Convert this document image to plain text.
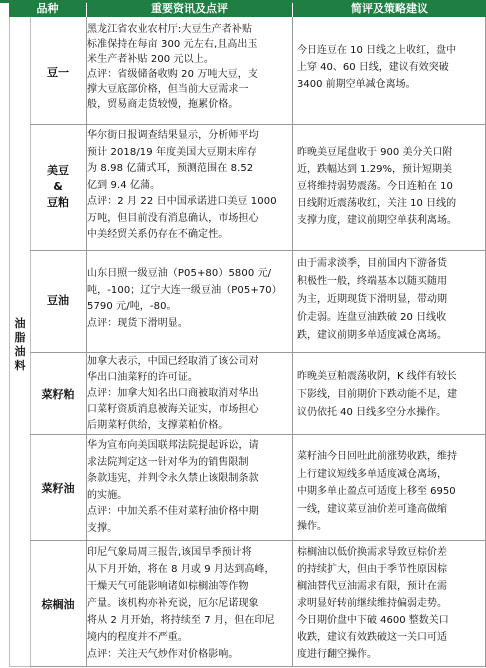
品种	重要资讯及点评	简评及策略建议
油
脂
油
料
豆一
黑龙江省农业农村厅:大豆生产者补贴
标准保持在每亩 300 元左右,且高出玉
米生产者补贴 200 元以上。
点评：省级储备收购 20 万吨大豆，支
撑大豆底部价格，但当前大豆需求一
般，贸易商走货较慢，拖累价格。
今日连豆在 10 日线之上收红，盘中
上穿 40、60 日线，建议有效突破
3400 前期空单减仓离场。
美豆
&
豆粕
华尔街日报调查结果显示，分析师平均
预计 2018/19 年度美国大豆期末库存
为 8.98 亿蒲式耳，预测范围在 8.52
亿到 9.4 亿蒲。
点评：2 月 22 日中国承诺进口美豆 1000
万吨，但目前没有消息确认，市场担心
中美经贸关系仍存在不确定性。
昨晚美豆尾盘收于 900 美分关口附
近，跌幅达到 1.29%，预计短期美
豆将维持弱势震荡。今日连粕在 10
日线附近震荡收红，关注 10 日线的
支撑力度，建议前期空单获利离场。
豆油
山东日照一级豆油（P05+80）5800 元/
吨，-100；辽宁大连一级豆油（P05+70）
5790 元/吨，-80。
点评：现货下滑明显。
由于需求淡季，目前国内下游备货
积极性一般，终端基本以随买随用
为主，近期现货下滑明显，带动期
价走弱。连盘豆油跌破 20 日线收
跌，建议前期多单适度减仓离场。
菜籽粕
加拿大表示，中国已经取消了该公司对
华出口油菜籽的许可证。
点评：加拿大知名出口商被取消对华出
口菜籽资质消息被海关证实，市场担心
后期菜籽供给，支撑菜粕价格。
昨晚美豆粕震荡收阴，K 线伴有较长
下影线，目前期价下跌动能不足，建
议仍依托 40 日线多空分水操作。
菜籽油
华为宣布向美国联邦法院提起诉讼，请
求法院判定这一针对华为的销售限制
条款违宪，并判令永久禁止该限制条款
的实施。
点评：中加关系不佳对菜籽油价格中期
支撑。
菜籽油今日回吐此前涨势收跌，维持
上行建议短线多单适度减仓离场，
中期多单止盈点可适度上移至 6950
一线，建议菜豆油价差可逢高做缩
操作。
棕榈油
印尼气象局周三报告,该国旱季预计将
从下月开始，将在 8 月或 9 月达到高峰，
干燥天气可能影响诸如棕榈油等作物
产量。该机构亦补充说，厄尔尼诺现象
将从 2 月开始，将持续至 7 月，但在印尼
境内的程度并不严重。
点评：关注天气炒作对价格影响。
棕榈油以低价换需求导致豆棕价差
的持续扩大，但由于季节性原因棕
榈油替代豆油需求有限，预计在需
求明显好转前继续维持偏弱走势。
今日期价盘中下破 4600 整数关口
收跌，建议有效跌破这一关口可适
度进行翻空操作。
